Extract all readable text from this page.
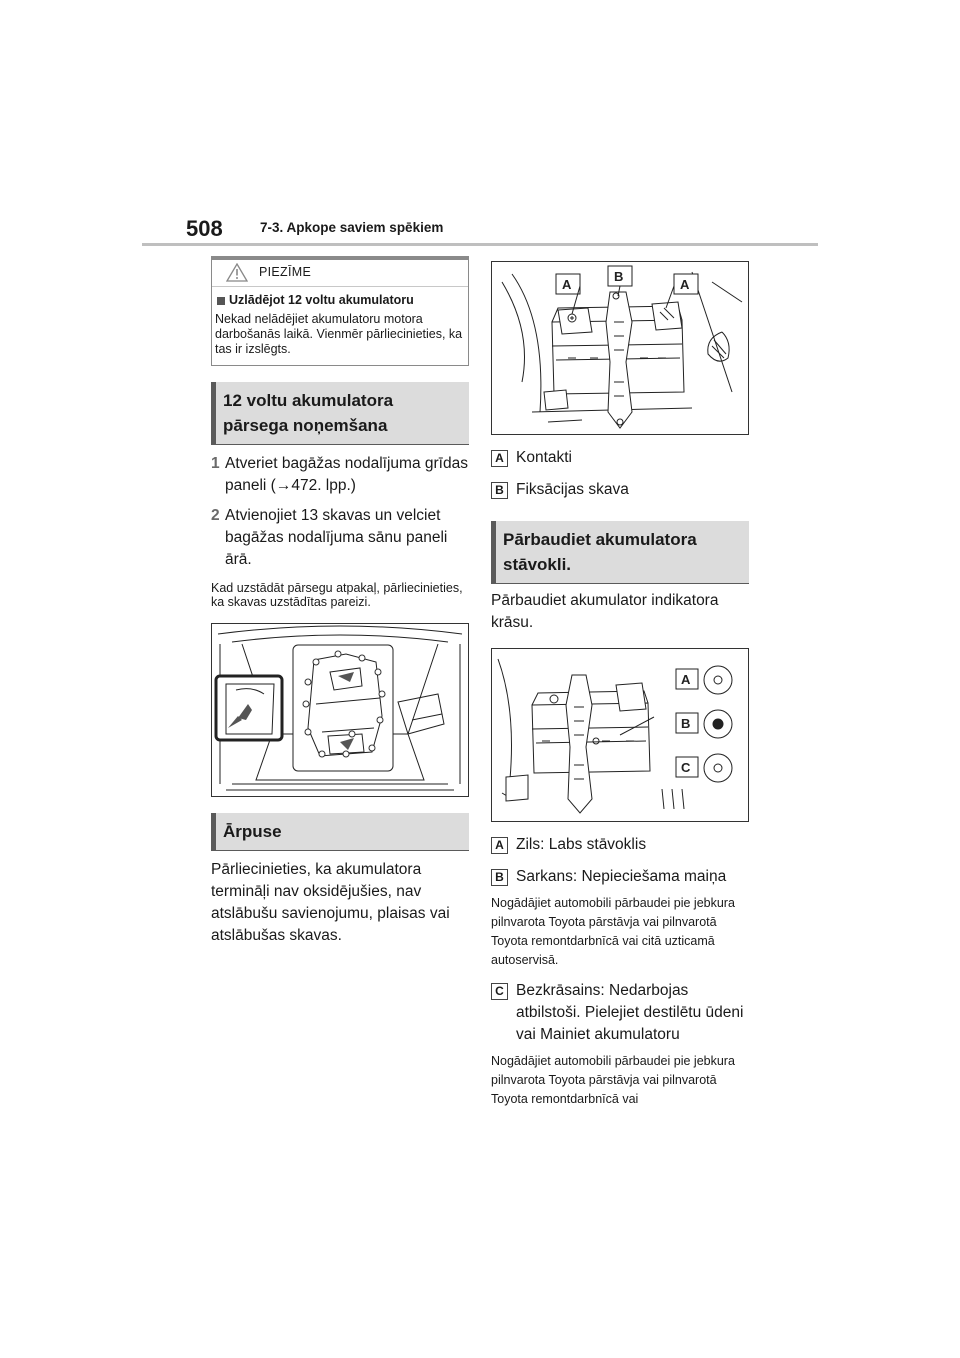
508	7-3. Apkope saviem spēkiem
PIEZĪME
Uzlādējot 12 voltu akumulatoru
Nekad nelādējiet akumulatoru motora darbošanās laikā. Vienmēr pārliecinieties, ka tas ir izslēgts.
12 voltu akumulatora pārsega noņemšana
1 Atveriet bagāžas nodalījuma grīdas paneli (→472. lpp.)
2 Atvienojiet 13 skavas un velciet bagāžas nodalījuma sānu paneli ārā.
Kad uzstādāt pārsegu atpakaļ, pārliecinieties, ka skavas uzstādītas pareizi.
Ārpuse
Pārliecinieties, ka akumulatora termināļi nav oksidējušies, nav atslābušu savienojumu, plaisas vai atslābušas skavas.
A
B
A
A Kontakti
B Fiksācijas skava
Pārbaudiet akumulatora stāvokli.
Pārbaudiet akumulator indikatora krāsu.
A
B
C
A Zils: Labs stāvoklis
B Sarkans: Nepieciešama maiņa
Nogādājiet automobili pārbaudei pie jebkura pilnvarota Toyota pārstāvja vai pilnvarotā Toyota remontdarbnīcā vai citā uzticamā autoservisā.
C Bezkrāsains: Nedarbojas atbilstoši. Pielejiet destilētu ūdeni vai Mainiet akumulatoru
Nogādājiet automobili pārbaudei pie jebkura pilnvarota Toyota pārstāvja vai pilnvarotā Toyota remontdarbnīcā vai
